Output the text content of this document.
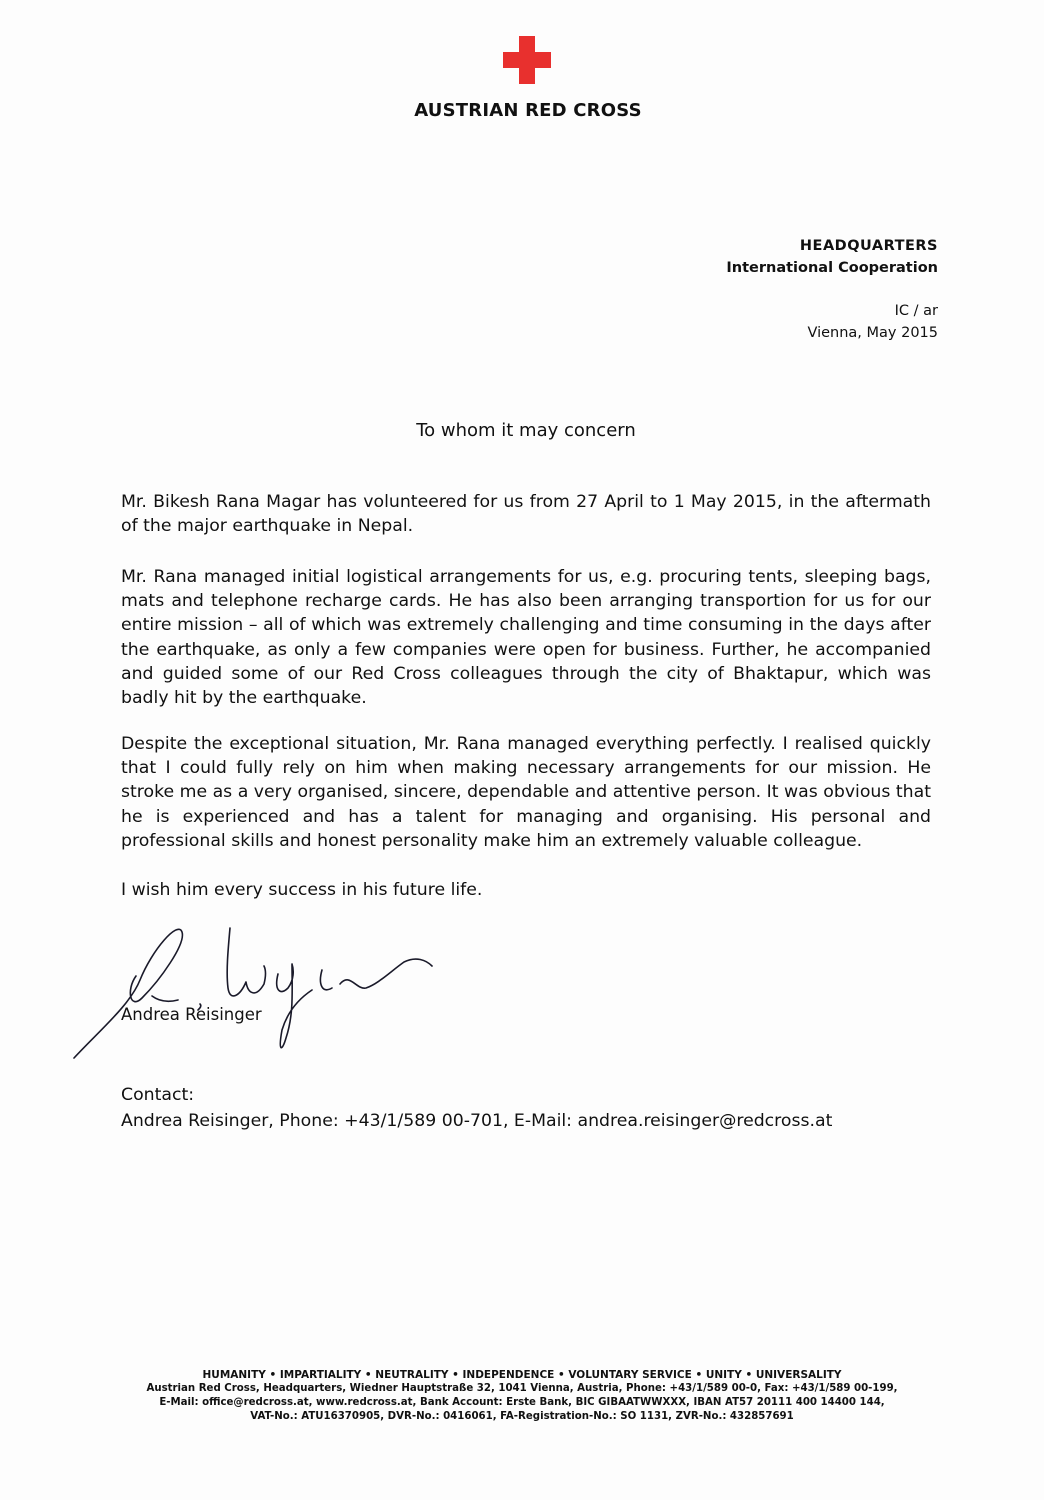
AUSTRIAN RED CROSS
HEADQUARTERS
International Cooperation
IC / ar
Vienna, May 2015
To whom it may concern
Mr. Bikesh Rana Magar has volunteered for us from 27 April to 1 May 2015, in the aftermath of the major earthquake in Nepal.
Mr. Rana managed initial logistical arrangements for us, e.g. procuring tents, sleeping bags, mats and telephone recharge cards. He has also been arranging transportion for us for our entire mission – all of which was extremely challenging and time consuming in the days after the earthquake, as only a few companies were open for business. Further, he accompanied and guided some of our Red Cross colleagues through the city of Bhaktapur, which was badly hit by the earthquake.
Despite the exceptional situation, Mr. Rana managed everything perfectly. I realised quickly that I could fully rely on him when making necessary arrangements for our mission. He stroke me as a very organised, sincere, dependable and attentive person. It was obvious that he is experienced and has a talent for managing and organising. His personal and professional skills and honest personality make him an extremely valuable colleague.
I wish him every success in his future life.
Andrea Reisinger
Contact:
Andrea Reisinger, Phone: +43/1/589 00-701, E-Mail: andrea.reisinger@redcross.at
HUMANITY • IMPARTIALITY • NEUTRALITY • INDEPENDENCE • VOLUNTARY SERVICE • UNITY • UNIVERSALITY
Austrian Red Cross, Headquarters, Wiedner Hauptstraße 32, 1041 Vienna, Austria, Phone: +43/1/589 00-0, Fax: +43/1/589 00-199,
E-Mail: office@redcross.at, www.redcross.at, Bank Account: Erste Bank, BIC GIBAATWWXXX, IBAN AT57 20111 400 14400 144,
VAT-No.: ATU16370905, DVR-No.: 0416061, FA-Registration-No.: SO 1131, ZVR-No.: 432857691
